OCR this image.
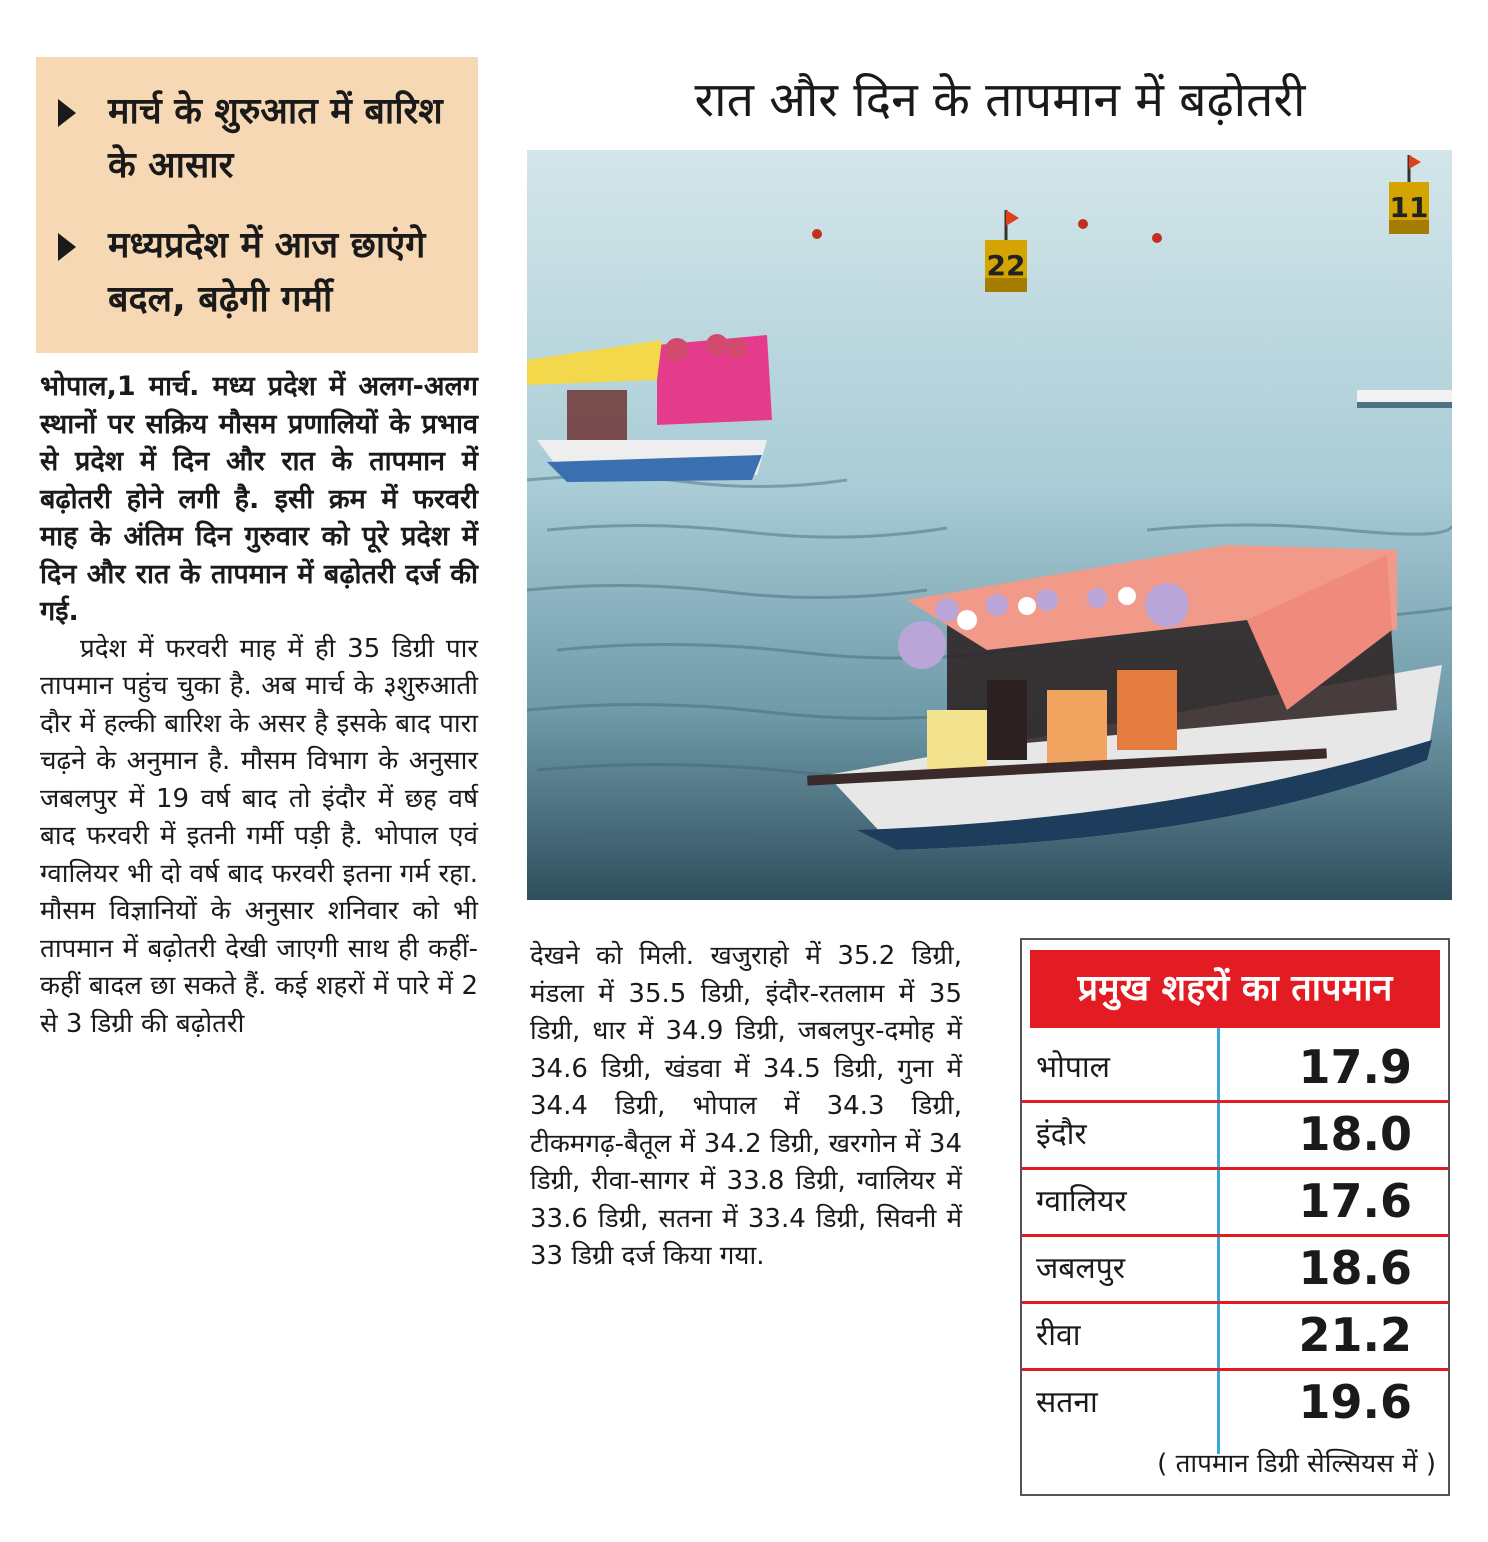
मार्च के शुरुआत में बारिश
के आसार
मध्यप्रदेश में आज छाएंगे
बदल, बढ़ेगी गर्मी
रात और दिन के तापमान में बढ़ोतरी
22
11

भोपाल,1 मार्च. मध्य प्रदेश में अलग-अलग स्थानों पर सक्रिय मौसम प्रणालियों के प्रभाव से प्रदेश में दिन और रात के तापमान में बढ़ोतरी होने लगी है. इसी क्रम में फरवरी माह के अंतिम दिन गुरुवार को पूरे प्रदेश में दिन और रात के तापमान में बढ़ोतरी दर्ज की गई.

प्रदेश में फरवरी माह में ही 35 डिग्री पार तापमान पहुंच चुका है. अब मार्च के ३शुरुआती दौर में हल्की बारिश के असर है इसके बाद पारा चढ़ने के अनुमान है. मौसम विभाग के अनुसार जबलपुर में 19 वर्ष बाद तो इंदौर में छह वर्ष बाद फरवरी में इतनी गर्मी पड़ी है. भोपाल एवं ग्वालियर भी दो वर्ष बाद फरवरी इतना गर्म रहा. मौसम विज्ञानियों के अनुसार शनिवार को भी तापमान में बढ़ोतरी देखी जाएगी साथ ही कहीं-कहीं बादल छा सकते हैं. कई शहरों में पारे में 2 से 3 डिग्री की बढ़ोतरी

देखने को मिली. खजुराहो में 35.2 डिग्री, मंडला में 35.5 डिग्री, इंदौर-रतलाम में 35 डिग्री, धार में 34.9 डिग्री, जबलपुर-दमोह में 34.6 डिग्री, खंडवा में 34.5 डिग्री, गुना में 34.4 डिग्री, भोपाल में 34.3 डिग्री, टीकमगढ़-बैतूल में 34.2 डिग्री, खरगोन में 34 डिग्री, रीवा-सागर में 33.8 डिग्री, ग्वालियर में 33.6 डिग्री, सतना में 33.4 डिग्री, सिवनी में 33 डिग्री दर्ज किया गया.

प्रमुख शहरों का तापमान
भोपाल	17.9
इंदौर	18.0
ग्वालियर	17.6
जबलपुर	18.6
रीवा	21.2
सतना	19.6
( तापमान डिग्री सेल्सियस में )
